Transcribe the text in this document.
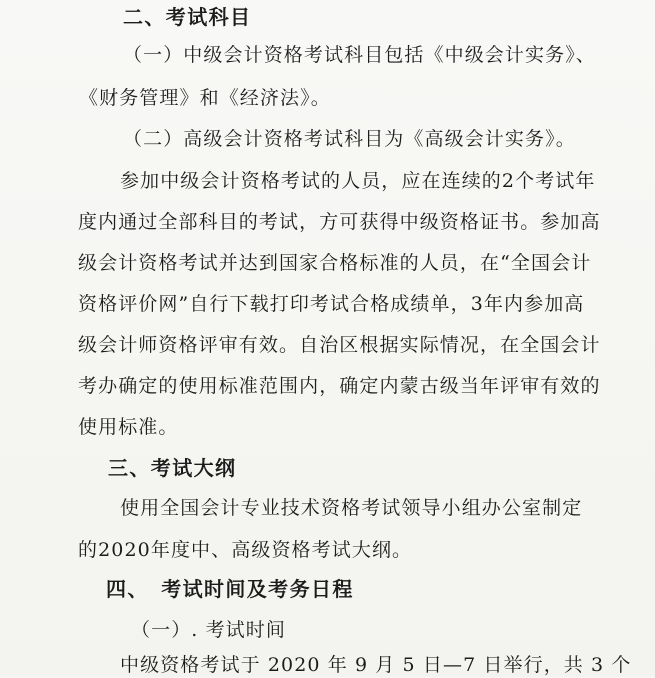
二、考试科目
（一）中级会计资格考试科目包括《中级会计实务》、
《财务管理》和《经济法》。
（二）高级会计资格考试科目为《高级会计实务》。
参加中级会计资格考试的人员，应在连续的2个考试年
度内通过全部科目的考试，方可获得中级资格证书。参加高
级会计资格考试并达到国家合格标准的人员，在“全国会计
资格评价网”自行下载打印考试合格成绩单，3年内参加高
级会计师资格评审有效。自治区根据实际情况，在全国会计
考办确定的使用标准范围内，确定内蒙古级当年评审有效的
使用标准。
三、考试大纲
使用全国会计专业技术资格考试领导小组办公室制定
的2020年度中、高级资格考试大纲。
四、 考试时间及考务日程
（一）. 考试时间
中级资格考试于 2020 年 9 月 5 日—7 日举行，共 3 个
